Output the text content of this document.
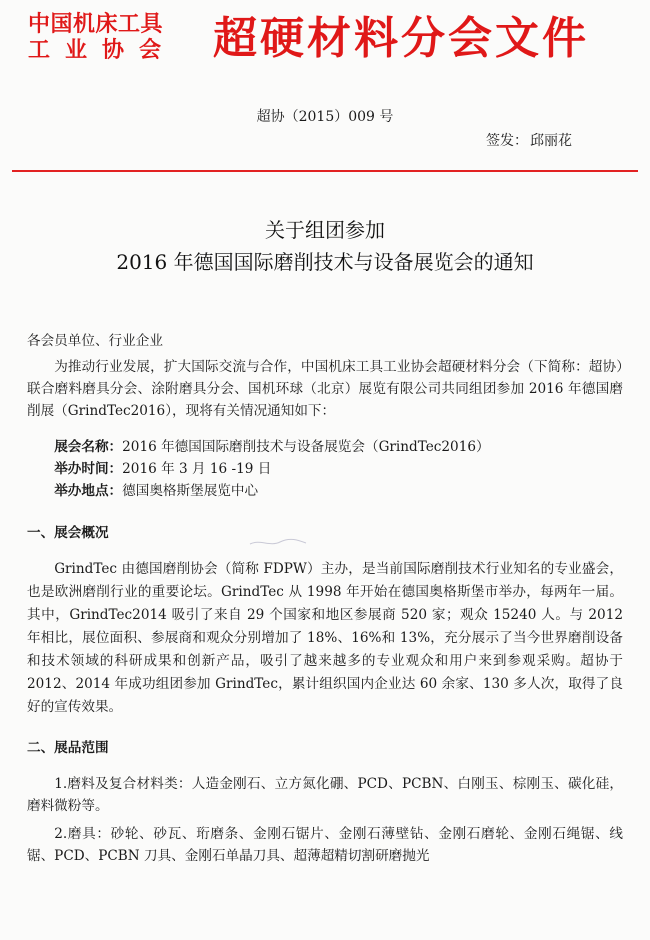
中国机床工具
工业协会 超硬材料分会文件
超协（2015）009 号
签发： 邱丽花
关于组团参加
2016 年德国国际磨削技术与设备展览会的通知

各会员单位、行业企业

为推动行业发展，扩大国际交流与合作，中国机床工具工业协会超硬材料分会（下简称：超协）联合磨料磨具分会、涂附磨具分会、国机环球（北京）展览有限公司共同组团参加 2016 年德国磨削展（GrindTec2016），现将有关情况通知如下：

展会名称：2016 年德国国际磨削技术与设备展览会（GrindTec2016）
举办时间：2016 年 3 月 16 -19 日
举办地点：德国奥格斯堡展览中心
一、展会概况

GrindTec 由德国磨削协会（简称 FDPW）主办，是当前国际磨削技术行业知名的专业盛会，也是欧洲磨削行业的重要论坛。GrindTec 从 1998 年开始在德国奥格斯堡市举办，每两年一届。其中，GrindTec2014 吸引了来自 29 个国家和地区参展商 520 家；观众 15240 人。与 2012 年相比，展位面积、参展商和观众分别增加了 18%、16%和 13%，充分展示了当今世界磨削设备和技术领域的科研成果和创新产品，吸引了越来越多的专业观众和用户来到参观采购。超协于 2012、2014 年成功组团参加 GrindTec，累计组织国内企业达 60 余家、130 多人次，取得了良好的宣传效果。

二、展品范围

1.磨料及复合材料类：人造金刚石、立方氮化硼、PCD、PCBN、白刚玉、棕刚玉、碳化硅，磨料微粉等。

2.磨具：砂轮、砂瓦、珩磨条、金刚石锯片、金刚石薄壁钻、金刚石磨轮、金刚石绳锯、线锯、PCD、PCBN 刀具、金刚石单晶刀具、超薄超精切割研磨抛光
